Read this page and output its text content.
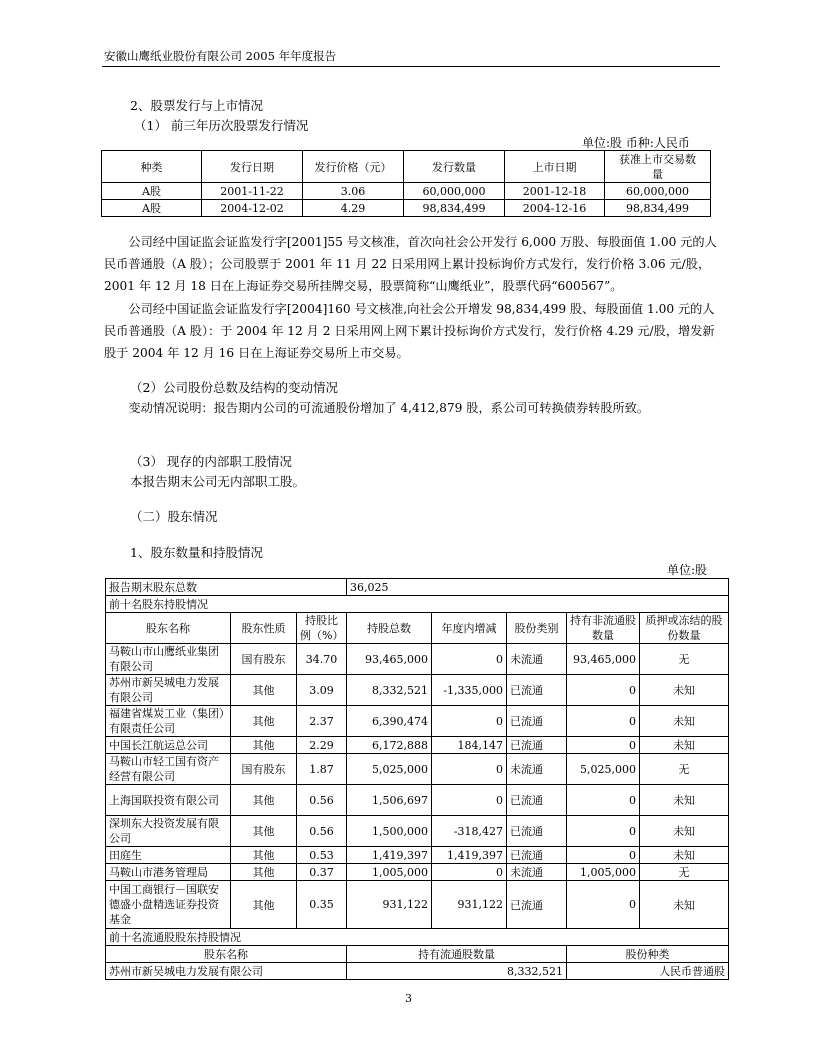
安徽山鹰纸业股份有限公司 2005 年年度报告
2、股票发行与上市情况
（1） 前三年历次股票发行情况
单位:股 币种:人民币
种类	发行日期	发行价格（元）	发行数量	上市日期	获准上市交易数量
A股	2001-11-22	3.06	60,000,000	2001-12-18	60,000,000
A股	2004-12-02	4.29	98,834,499	2004-12-16	98,834,499

公司经中国证监会证监发行字[2001]55 号文核准，首次向社会公开发行 6,000 万股、每股面值 1.00 元的人民币普通股（A 股）；公司股票于 2001 年 11 月 22 日采用网上累计投标询价方式发行，发行价格 3.06 元/股，2001 年 12 月 18 日在上海证券交易所挂牌交易，股票简称“山鹰纸业”，股票代码“600567”。

公司经中国证监会证监发行字[2004]160 号文核准,向社会公开增发 98,834,499 股、每股面值 1.00 元的人民币普通股（A 股）：于 2004 年 12 月 2 日采用网上网下累计投标询价方式发行，发行价格 4.29 元/股，增发新股于 2004 年 12 月 16 日在上海证券交易所上市交易。

（2）公司股份总数及结构的变动情况

变动情况说明：报告期内公司的可流通股份增加了 4,412,879 股，系公司可转换债券转股所致。

（3） 现存的内部职工股情况
本报告期末公司无内部职工股。
（二）股东情况
1、股东数量和持股情况
单位:股
报告期末股东总数			36,025				
前十名股东持股情况							
股东名称	股东性质	持股比例（%）	持股总数	年度内增减	股份类别	持有非流通股数量	质押或冻结的股份数量
马鞍山市山鹰纸业集团有限公司	国有股东	34.70	93,465,000	0	未流通	93,465,000	无
苏州市新吴城电力发展有限公司	其他	3.09	8,332,521	-1,335,000	已流通	0	未知
福建省煤炭工业（集团）有限责任公司	其他	2.37	6,390,474	0	已流通	0	未知
中国长江航运总公司	其他	2.29	6,172,888	184,147	已流通	0	未知
马鞍山市轻工国有资产经营有限公司	国有股东	1.87	5,025,000	0	未流通	5,025,000	无
上海国联投资有限公司	其他	0.56	1,506,697	0	已流通	0	未知
深圳东大投资发展有限公司	其他	0.56	1,500,000	-318,427	已流通	0	未知
田庭生	其他	0.53	1,419,397	1,419,397	已流通	0	未知
马鞍山市港务管理局	其他	0.37	1,005,000	0	未流通	1,005,000	无
中国工商银行－国联安德盛小盘精选证券投资基金	其他	0.35	931,122	931,122	已流通	0	未知
前十名流通股股东持股情况							
股东名称			持有流通股数量			股份种类	
苏州市新吴城电力发展有限公司			8,332,521			人民币普通股	
3
